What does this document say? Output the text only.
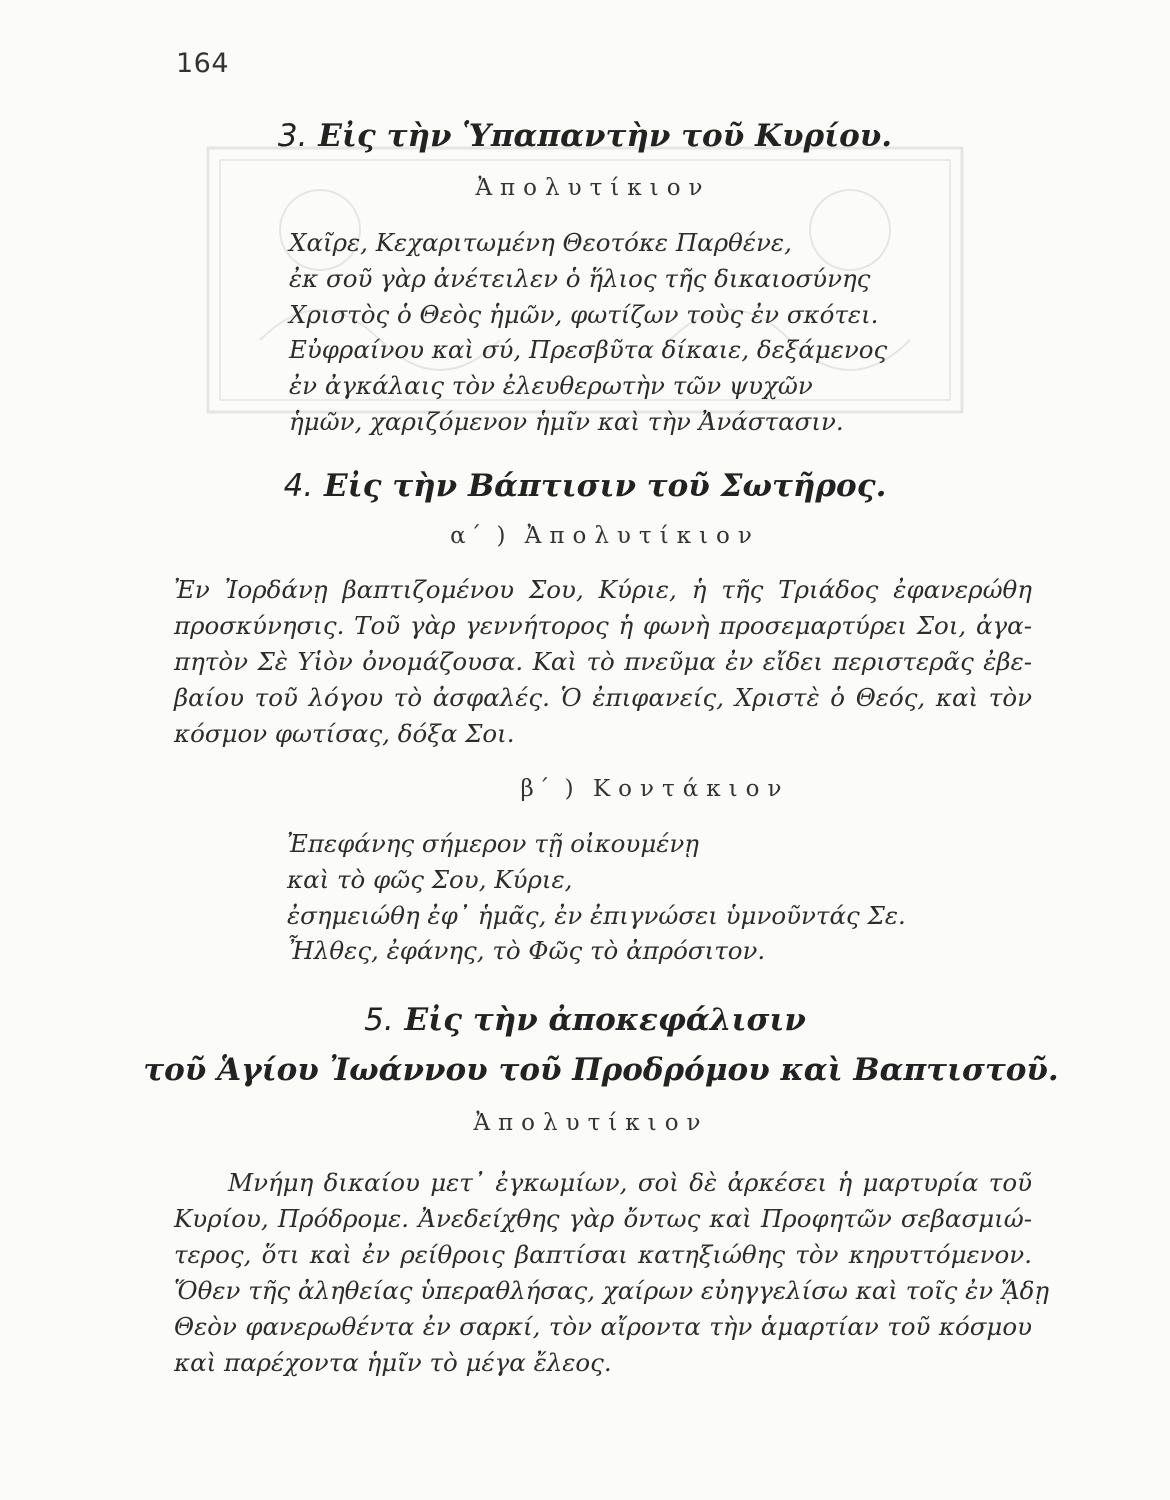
164
3. Εἰς τὴν Ὑπαπαντὴν τοῦ Κυρίου.
Ἀπολυτίκιον
Χαῖρε, Κεχαριτωμένη Θεοτόκε Παρθένε,
ἐκ σοῦ γὰρ ἀνέτειλεν ὁ ἥλιος τῆς δικαιοσύνης
Χριστὸς ὁ Θεὸς ἡμῶν, φωτίζων τοὺς ἐν σκότει.
Εὐφραίνου καὶ σύ, Πρεσβῦτα δίκαιε, δεξάμενος
ἐν ἀγκάλαις τὸν ἐλευθερωτὴν τῶν ψυχῶν
ἡμῶν, χαριζόμενον ἡμῖν καὶ τὴν Ἀνάστασιν.
4. Εἰς τὴν Βάπτισιν τοῦ Σωτῆρος.
α΄ ) Ἀπολυτίκιον
Ἐν Ἰορδάνῃ βαπτιζομένου Σου, Κύριε, ἡ τῆς Τριάδος ἐφανερώθη
προσκύνησις. Τοῦ γὰρ γεννήτορος ἡ φωνὴ προσεμαρτύρει Σοι, ἀγα-
πητὸν Σὲ Υἱὸν ὀνομάζουσα. Καὶ τὸ πνεῦμα ἐν εἴδει περιστερᾶς ἐβε-
βαίου τοῦ λόγου τὸ ἀσφαλές. Ὁ ἐπιφανείς, Χριστὲ ὁ Θεός, καὶ τὸν
κόσμον φωτίσας, δόξα Σοι.
β΄ ) Κοντάκιον
Ἐπεφάνης σήμερον τῇ οἰκουμένῃ
καὶ τὸ φῶς Σου, Κύριε,
ἐσημειώθη ἐφ᾽ ἡμᾶς, ἐν ἐπιγνώσει ὑμνοῦντάς Σε.
Ἦλθες, ἐφάνης, τὸ Φῶς τὸ ἀπρόσιτον.
5. Εἰς τὴν ἀποκεφάλισιν
τοῦ Ἁγίου Ἰωάννου τοῦ Προδρόμου καὶ Βαπτιστοῦ.
Ἀπολυτίκιον
Μνήμη δικαίου μετ᾽ ἐγκωμίων, σοὶ δὲ ἀρκέσει ἡ μαρτυρία τοῦ
Κυρίου, Πρόδρομε. Ἀνεδείχθης γὰρ ὄντως καὶ Προφητῶν σεβασμιώ-
τερος, ὅτι καὶ ἐν ρείθροις βαπτίσαι κατηξιώθης τὸν κηρυττόμενον.
Ὅθεν τῆς ἀληθείας ὑπεραθλήσας, χαίρων εὐηγγελίσω καὶ τοῖς ἐν ᾍδῃ
Θεὸν φανερωθέντα ἐν σαρκί, τὸν αἴροντα τὴν ἁμαρτίαν τοῦ κόσμου
καὶ παρέχοντα ἡμῖν τὸ μέγα ἔλεος.
